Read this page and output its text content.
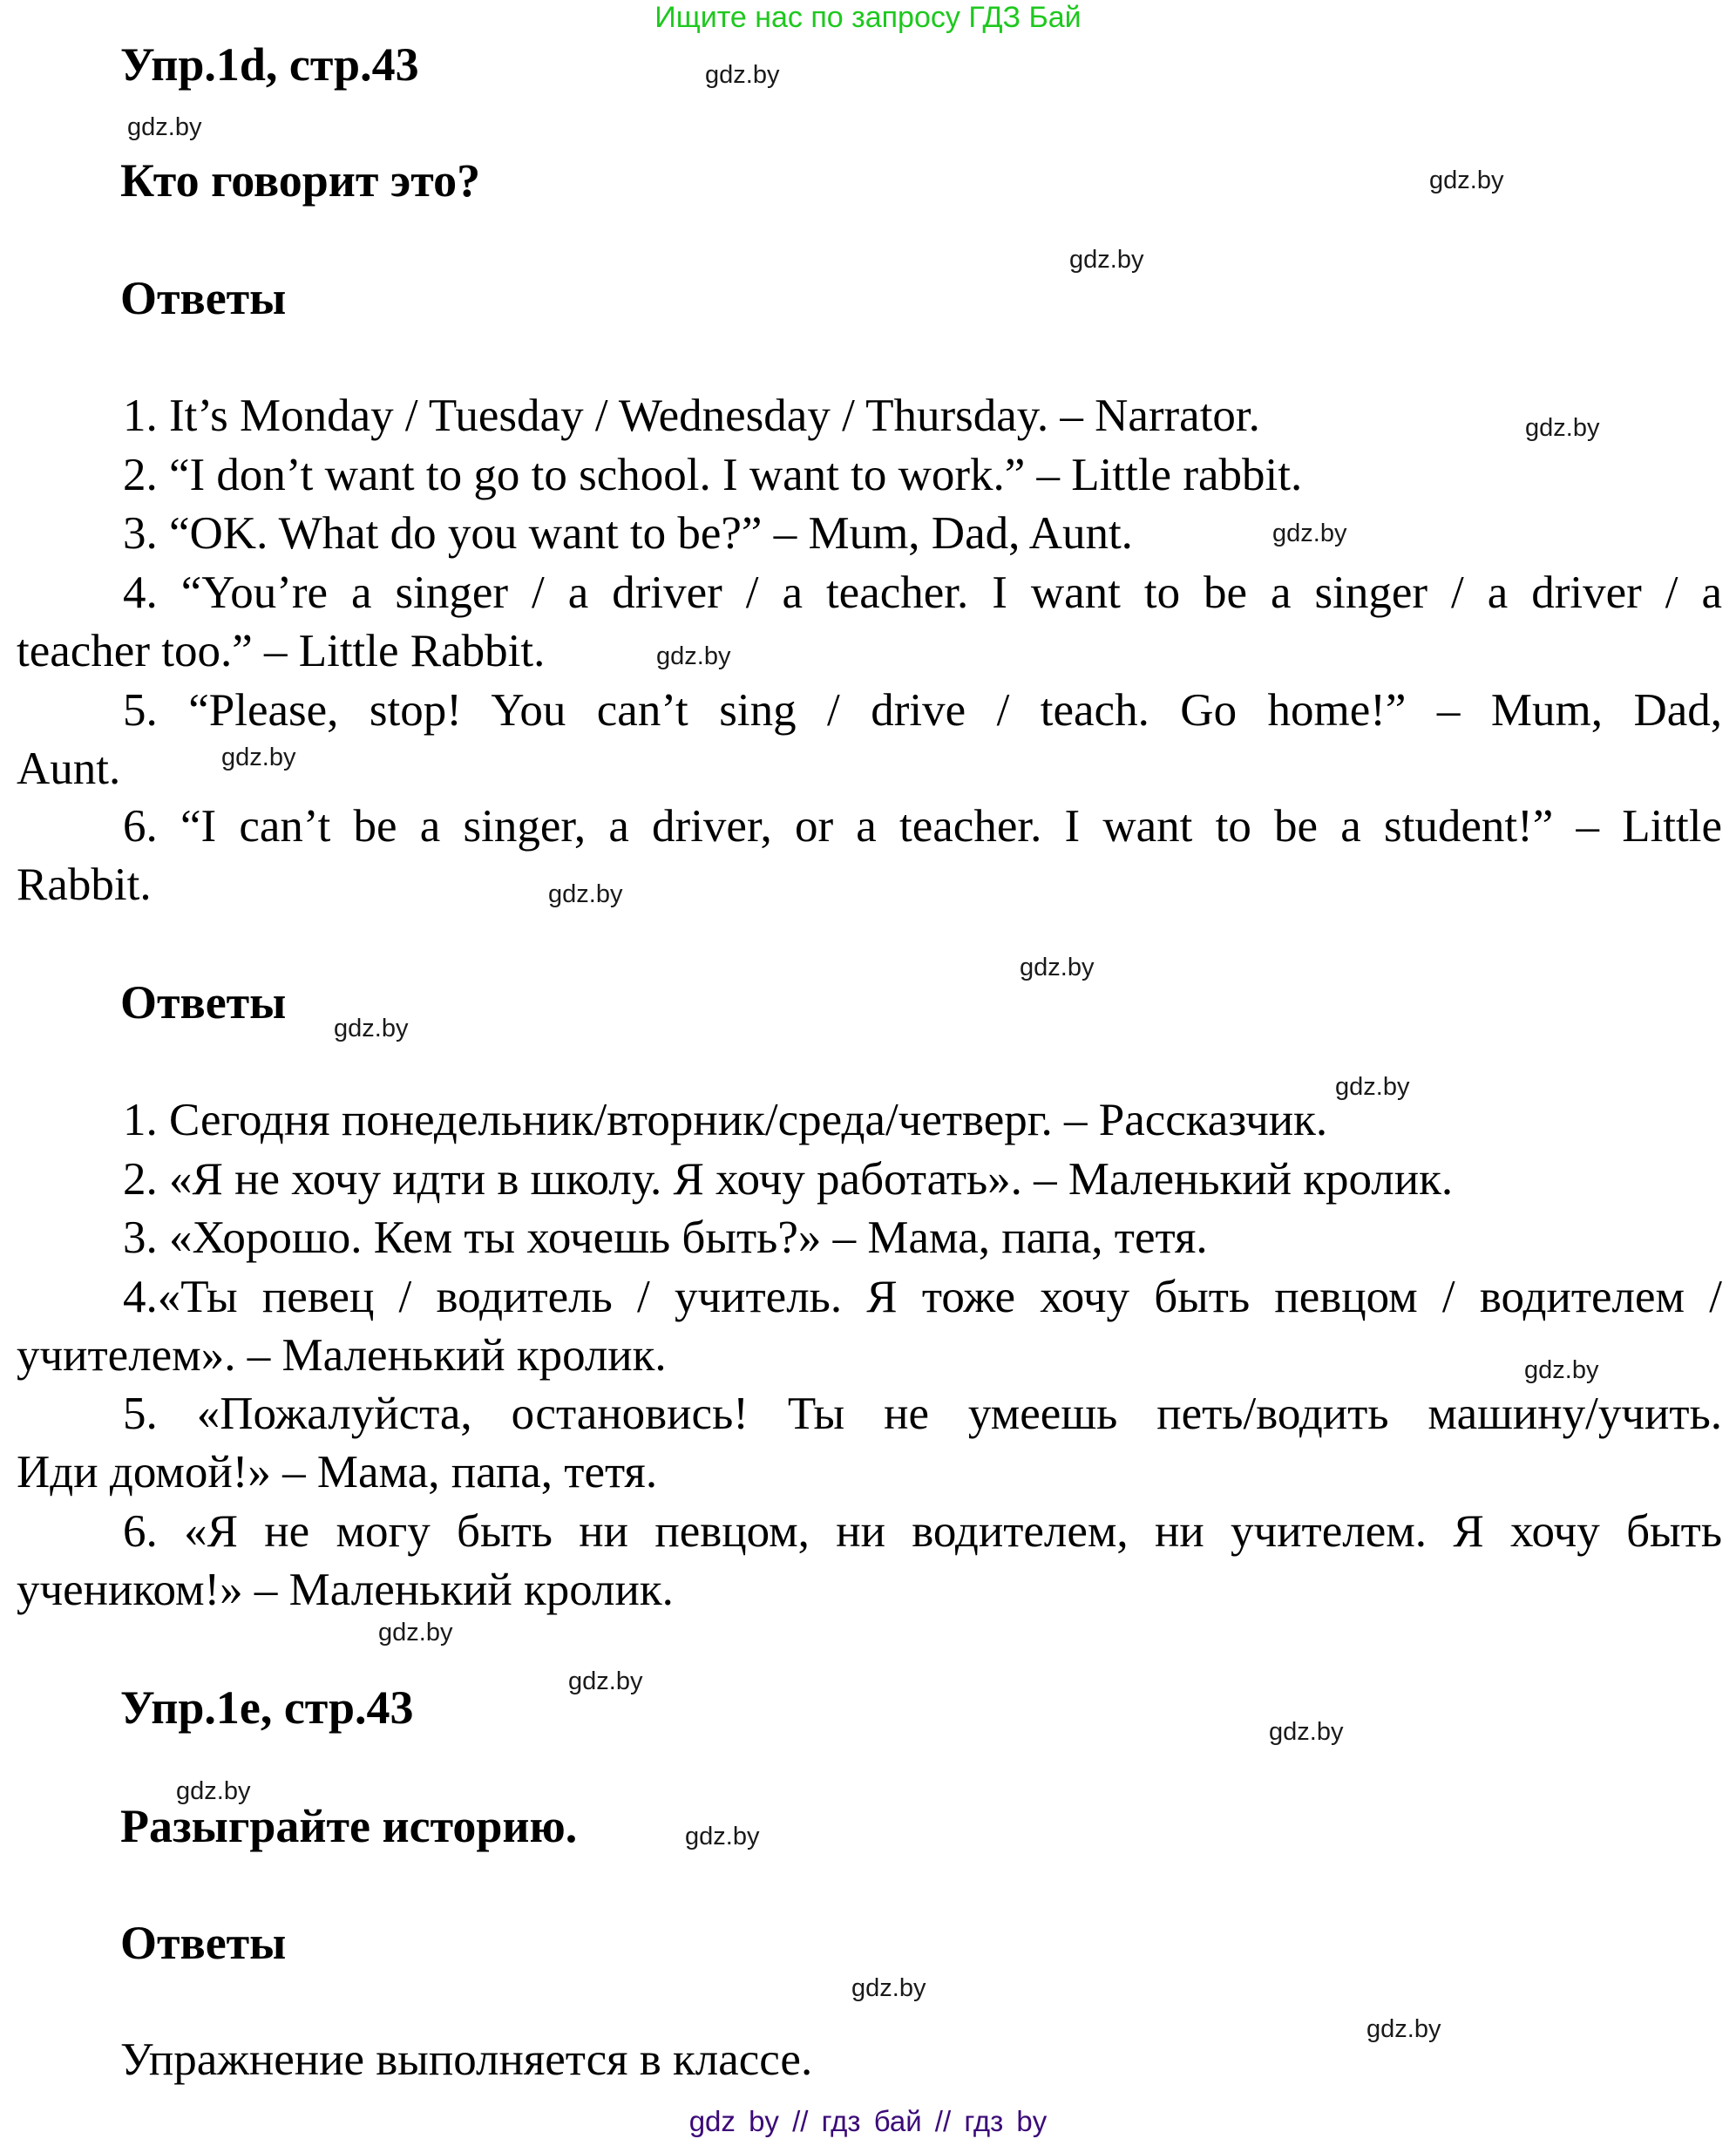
Ищите нас по запросу ГДЗ Бай
Упр.1d, стр.43
Кто говорит это?
Ответы
1. It’s Monday / Tuesday / Wednesday / Thursday. – Narrator.
2. “I don’t want to go to school. I want to work.” – Little rabbit.
3. “OK. What do you want to be?” – Mum, Dad, Aunt.
4. “You’re a singer / a driver / a teacher. I want to be a singer / a driver / a
teacher too.” – Little Rabbit.
5. “Please, stop! You can’t sing / drive / teach. Go home!” – Mum, Dad,
Aunt.
6. “I can’t be a singer, a driver, or a teacher. I want to be a student!” – Little
Rabbit.
Ответы
1. Сегодня понедельник/вторник/среда/четверг. – Рассказчик.
2. «Я не хочу идти в школу. Я хочу работать». – Маленький кролик.
3. «Хорошо. Кем ты хочешь быть?» – Мама, папа, тетя.
4.«Ты певец / водитель / учитель. Я тоже хочу быть певцом / водителем /
учителем». – Маленький кролик.
5. «Пожалуйста, остановись! Ты не умеешь петь/водить машину/учить.
Иди домой!» – Мама, папа, тетя.
6. «Я не могу быть ни певцом, ни водителем, ни учителем. Я хочу быть
учеником!» – Маленький кролик.
Упр.1e, стр.43
Разыграйте историю.
Ответы
Упражнение выполняется в классе.
gdz.by
gdz.by
gdz.by
gdz.by
gdz.by
gdz.by
gdz.by
gdz.by
gdz.by
gdz.by
gdz.by
gdz.by
gdz.by
gdz.by
gdz.by
gdz.by
gdz.by
gdz.by
gdz.by
gdz.by
gdz by // гдз бай // гдз by
